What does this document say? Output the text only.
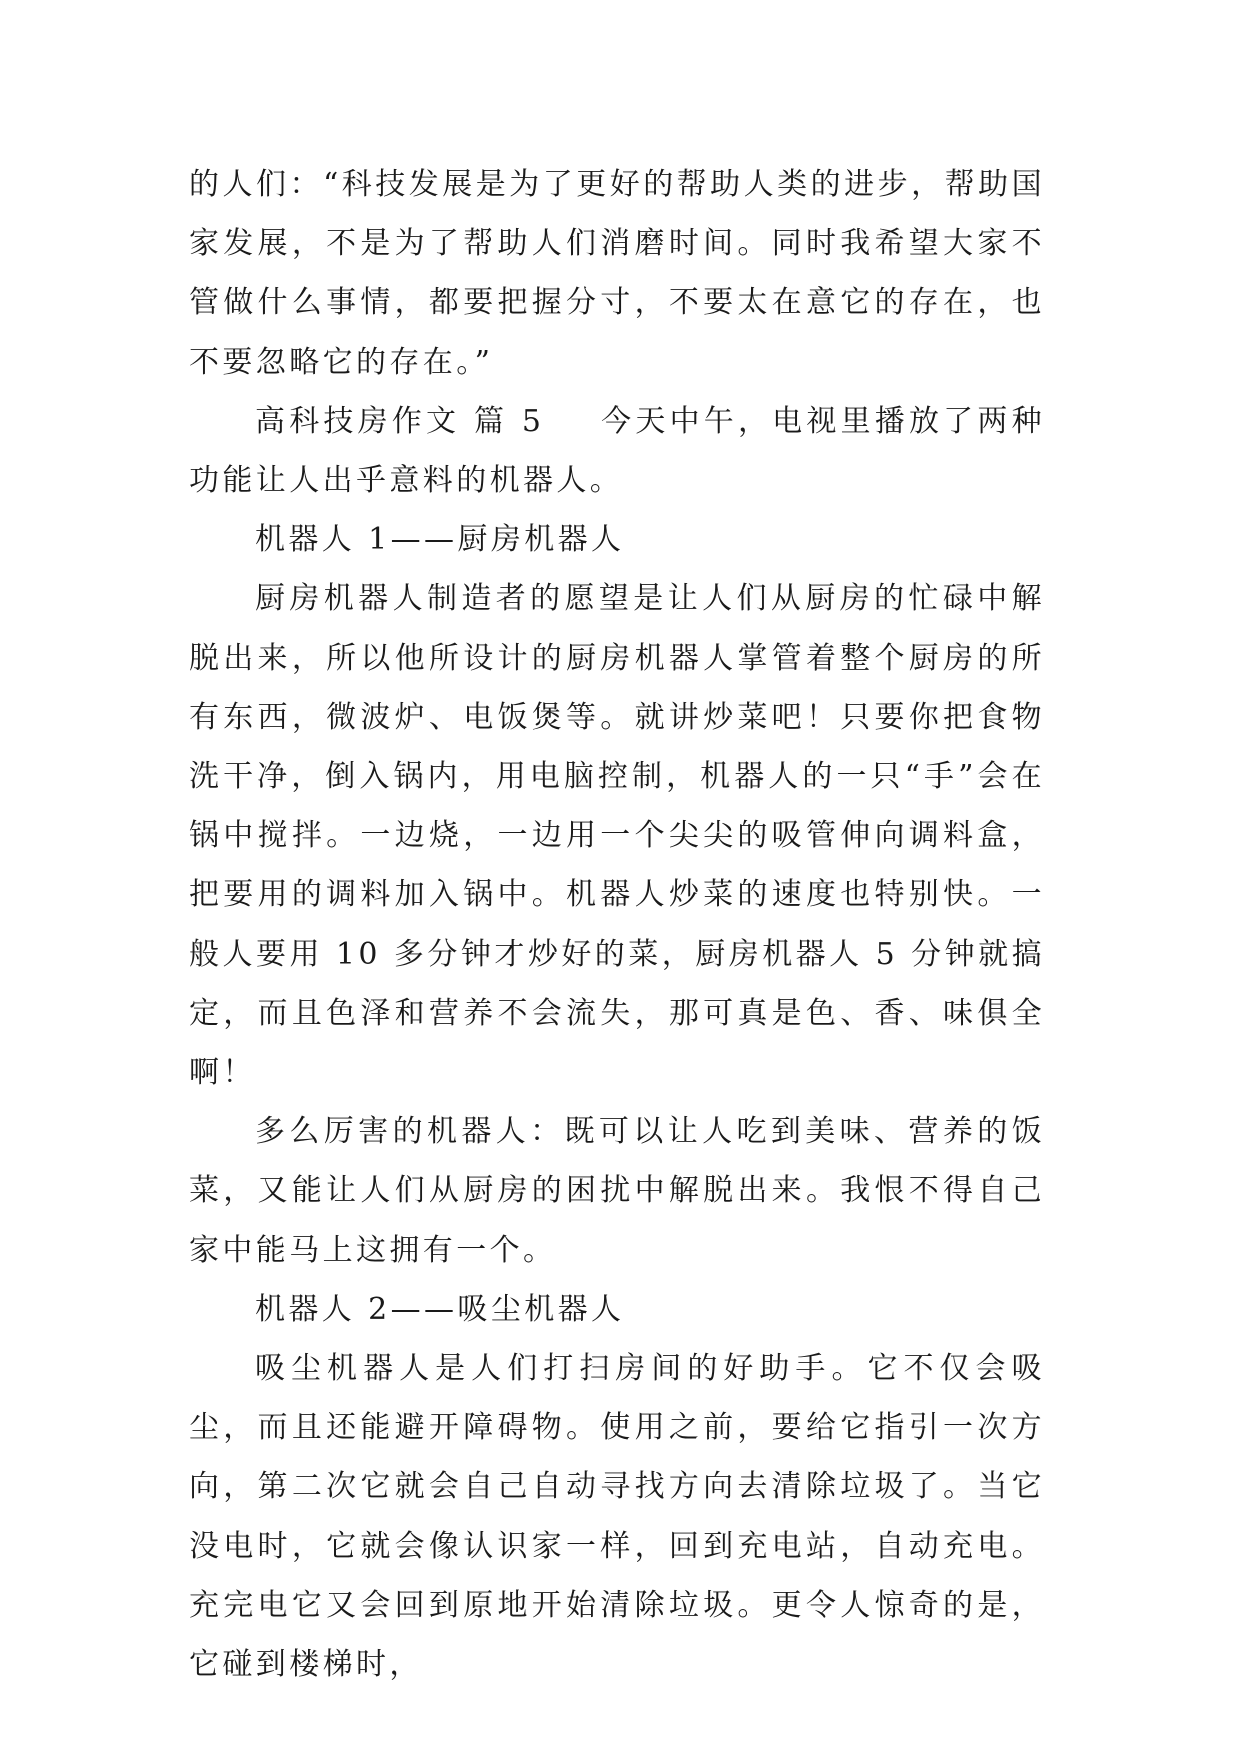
的人们：“科技发展是为了更好的帮助人类的进步，帮助国家发展，不是为了帮助人们消磨时间。同时我希望大家不管做什么事情，都要把握分寸，不要太在意它的存在，也不要忽略它的存在。”

高科技房作文 篇 5 今天中午，电视里播放了两种功能让人出乎意料的机器人。

机器人 1——厨房机器人

厨房机器人制造者的愿望是让人们从厨房的忙碌中解脱出来，所以他所设计的厨房机器人掌管着整个厨房的所有东西，微波炉、电饭煲等。就讲炒菜吧！只要你把食物洗干净，倒入锅内，用电脑控制，机器人的一只“手”会在锅中搅拌。一边烧，一边用一个尖尖的吸管伸向调料盒，把要用的调料加入锅中。机器人炒菜的速度也特别快。一般人要用 10 多分钟才炒好的菜，厨房机器人 5 分钟就搞定，而且色泽和营养不会流失，那可真是色、香、味俱全啊！

多么厉害的机器人：既可以让人吃到美味、营养的饭菜，又能让人们从厨房的困扰中解脱出来。我恨不得自己家中能马上这拥有一个。

机器人 2——吸尘机器人

吸尘机器人是人们打扫房间的好助手。它不仅会吸尘，而且还能避开障碍物。使用之前，要给它指引一次方向，第二次它就会自己自动寻找方向去清除垃圾了。当它没电时，它就会像认识家一样，回到充电站，自动充电。充完电它又会回到原地开始清除垃圾。更令人惊奇的是，它碰到楼梯时，
